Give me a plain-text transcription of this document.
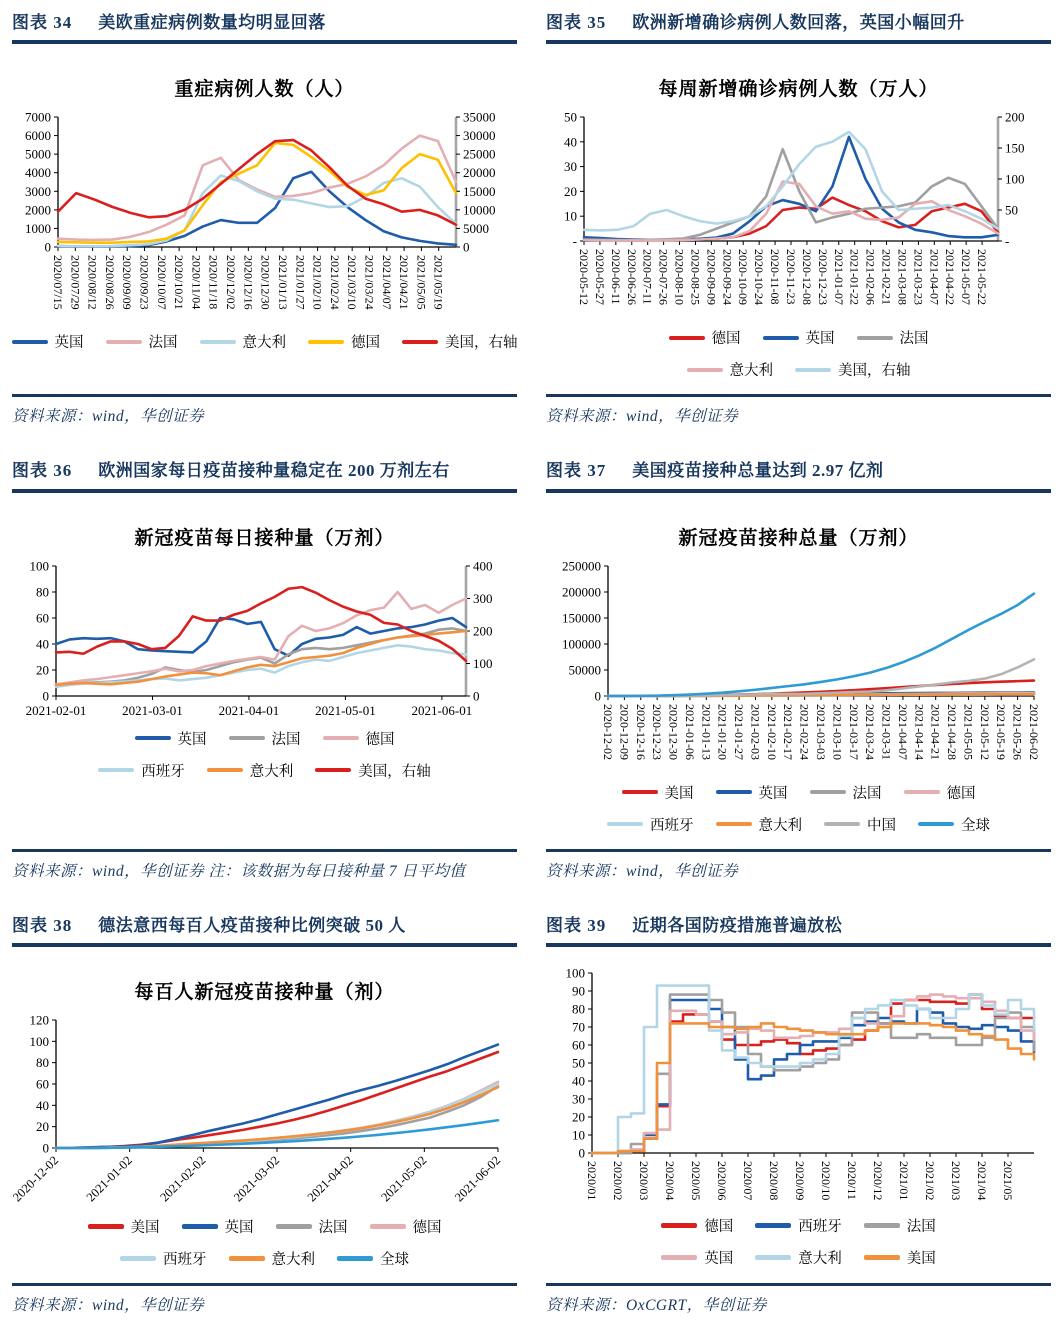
图表 34 美欧重症病例数量均明显回落
重症病例人数（人）
0
1000
2000
3000
4000
5000
6000
7000
0
5000
10000
15000
20000
25000
30000
35000
2020/07/15 2020/07/29 2020/08/12 2020/08/26 2020/09/09 2020/09/23 2020/10/07 2020/10/21 2020/11/04 2020/11/18 2020/12/02 2020/12/16 2020/12/30 2021/01/13 2021/01/27 2021/02/10 2021/02/24 2021/03/10 2021/03/24 2021/04/07 2021/04/21 2021/05/05 2021/05/19
英国	法国	意大利	德国	美国，右轴

资料来源：wind，华创证券

图表 35 欧洲新增确诊病例人数回落，英国小幅回升
每周新增确诊病例人数（万人）
-
10
20
30
40
50
-
50
100
150
200
2020-05-12 2020-05-27 2020-06-11 2020-06-26 2020-07-11 2020-07-26 2020-08-10 2020-08-25 2020-09-09 2020-09-24 2020-10-09 2020-10-24 2020-11-08 2020-11-23 2020-12-08 2020-12-23 2021-01-07 2021-01-22 2021-02-06 2021-02-21 2021-03-08 2021-03-23 2021-04-07 2021-04-22 2021-05-07 2021-05-22
德国	英国	法国
意大利	美国，右轴

资料来源：wind，华创证券

图表 36 欧洲国家每日疫苗接种量稳定在 200 万剂左右
新冠疫苗每日接种量（万剂）
0
20
40
60
80
100
0
100
200
300
400
2021-02-01	2021-03-01	2021-04-01	2021-05-01	2021-06-01
英国	法国	德国
西班牙	意大利	美国，右轴

资料来源：wind，华创证券 注：该数据为每日接种量 7 日平均值

图表 37 美国疫苗接种总量达到 2.97 亿剂
新冠疫苗接种总量（万剂）
0
50000
100000
150000
200000
250000
2020-12-02 2020-12-09 2020-12-16 2020-12-23 2020-12-30 2021-01-06 2021-01-13 2021-01-20 2021-01-27 2021-02-03 2021-02-10 2021-02-17 2021-02-24 2021-03-03 2021-03-10 2021-03-17 2021-03-24 2021-03-31 2021-04-07 2021-04-14 2021-04-21 2021-04-28 2021-05-05 2021-05-12 2021-05-19 2021-05-26 2021-06-02
美国	英国	法国	德国
西班牙	意大利	中国	全球

资料来源：wind，华创证券

图表 38 德法意西每百人疫苗接种比例突破 50 人
每百人新冠疫苗接种量（剂）
0
20
40
60
80
100
120
2020-12-02 2021-01-02 2021-02-02 2021-03-02 2021-04-02 2021-05-02 2021-06-02
美国	英国	法国	德国
西班牙	意大利	全球

资料来源：wind，华创证券

图表 39 近期各国防疫措施普遍放松
0
10
20
30
40
50
60
70
80
90
100
2020/01 2020/02 2020/03 2020/04 2020/05 2020/06 2020/07 2020/08 2020/09 2020/10 2020/11 2020/12 2021/01 2021/02 2021/03 2021/04 2021/05
德国	西班牙	法国
英国	意大利	美国

资料来源：OxCGRT，华创证券
